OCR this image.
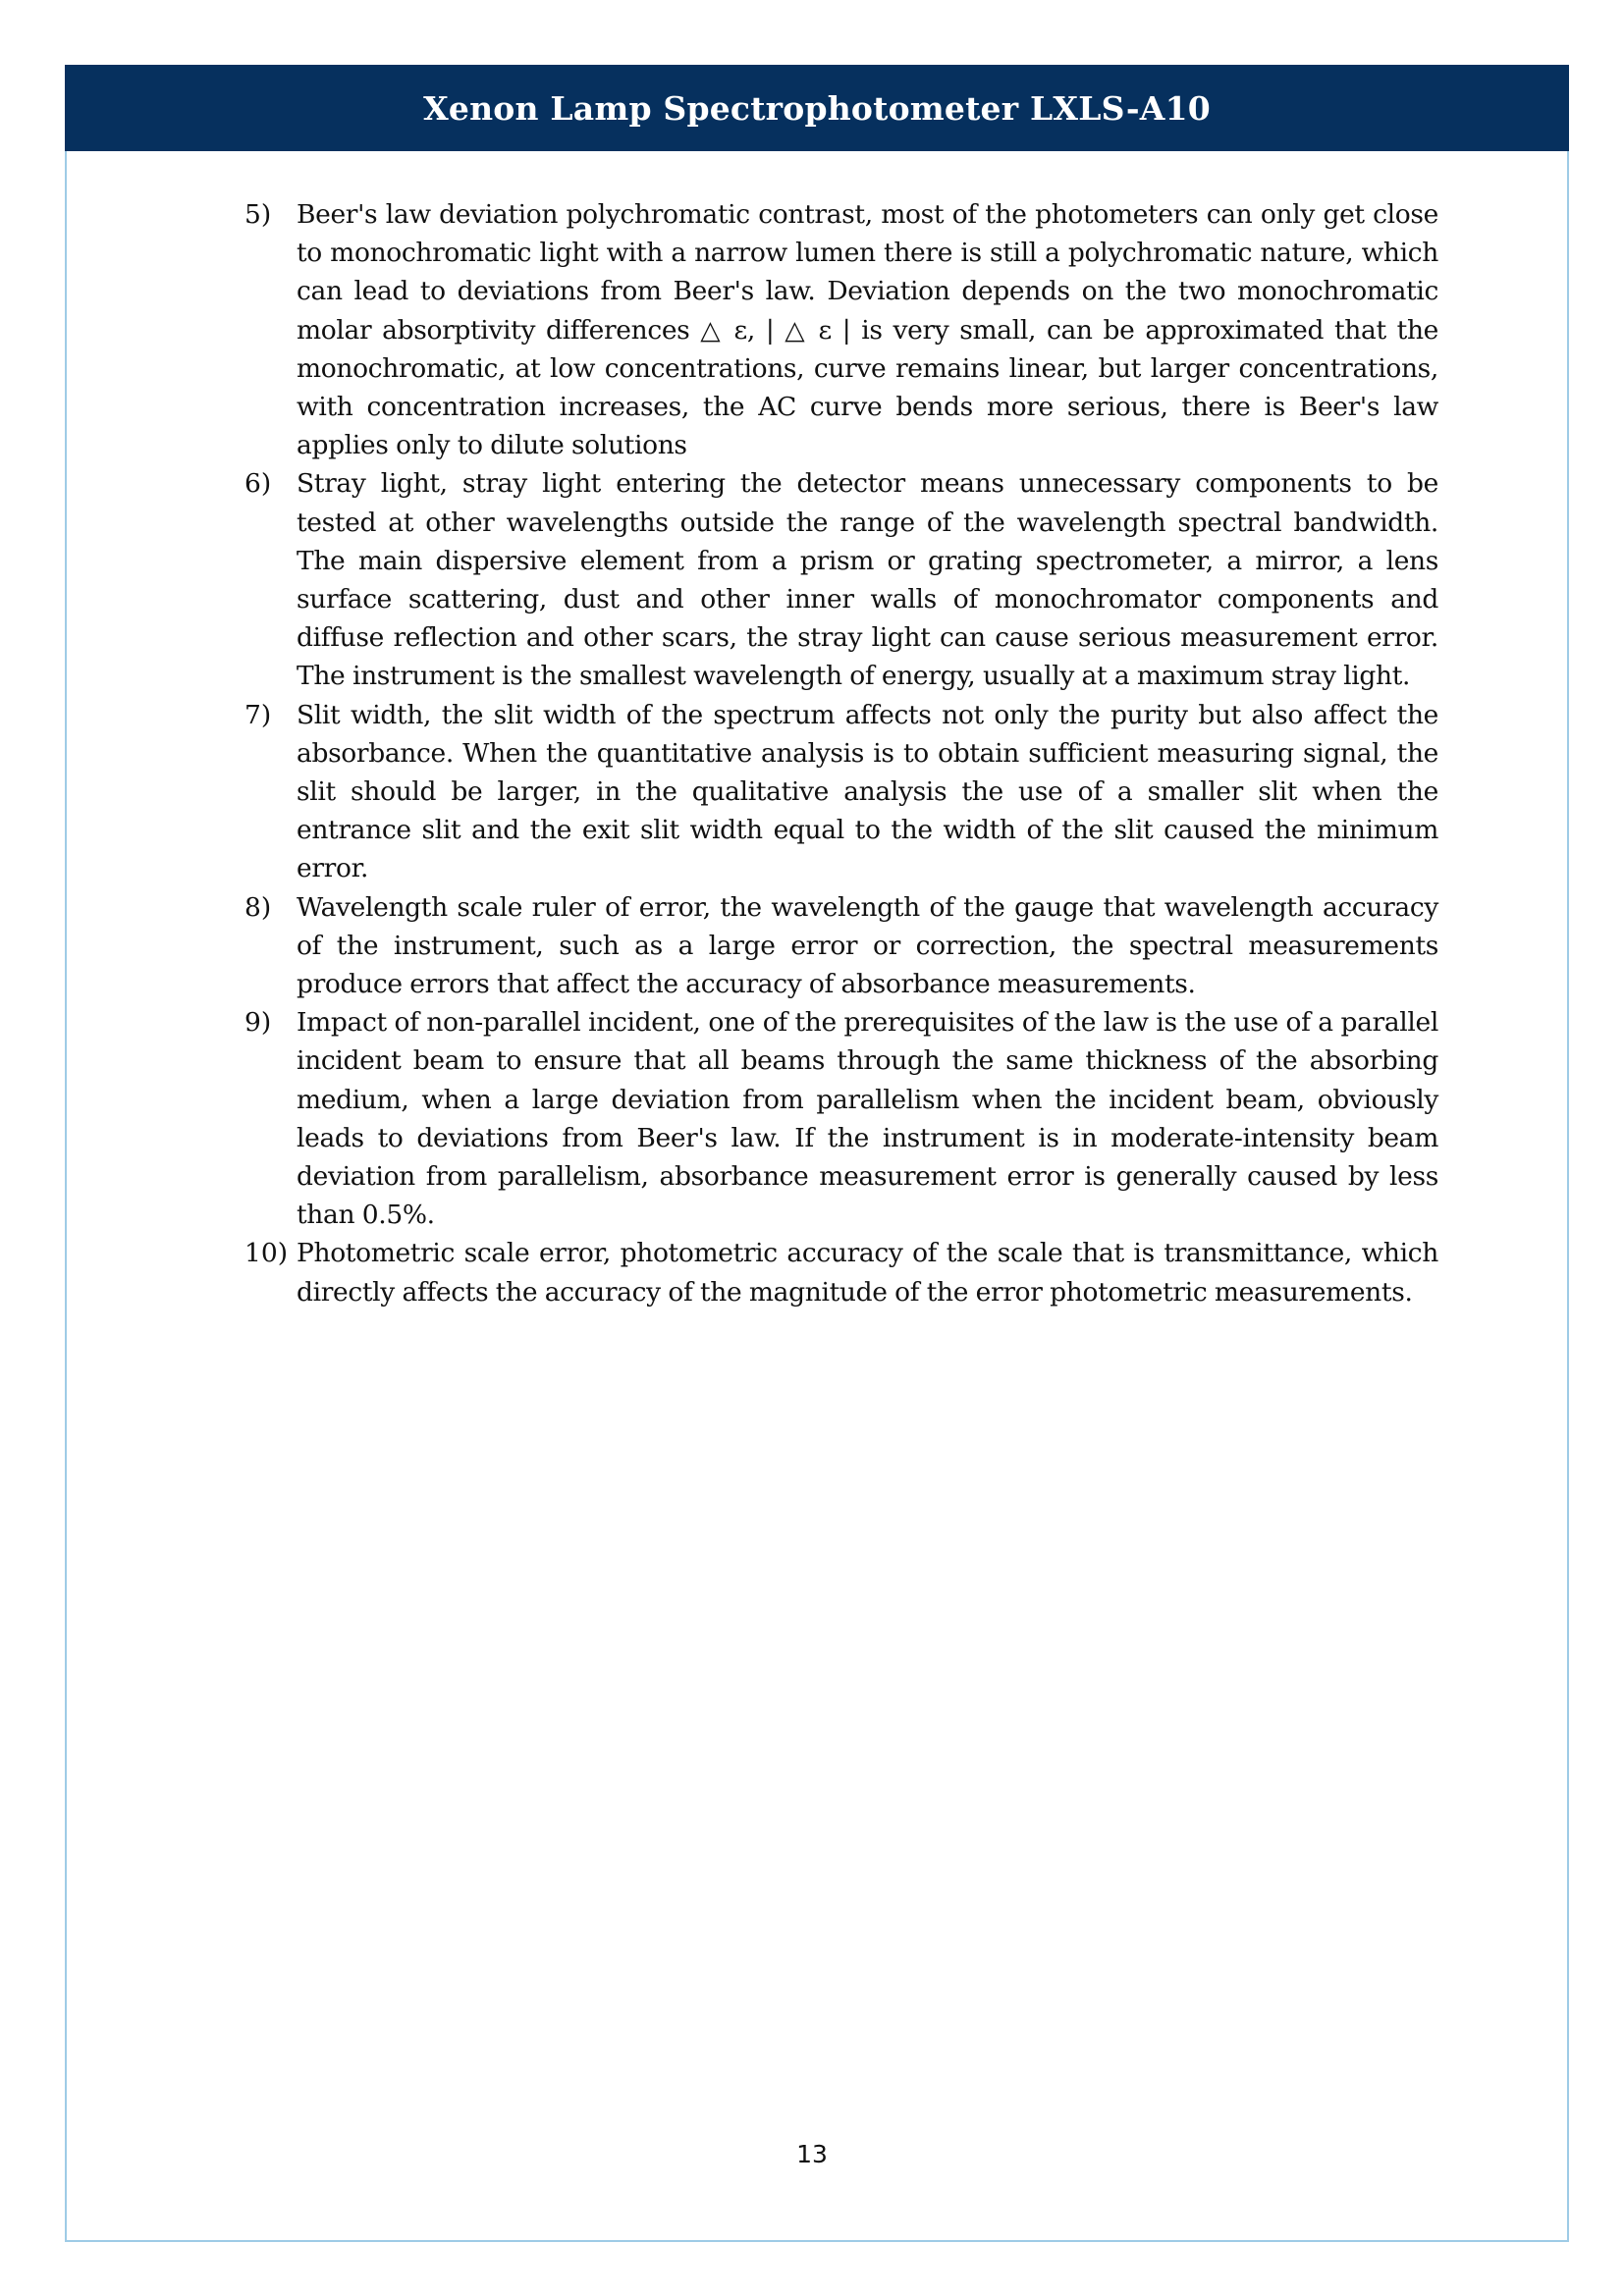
Xenon Lamp Spectrophotometer LXLS-A10
5) Beer's law deviation polychromatic contrast, most of the photometers can only get close to monochromatic light with a narrow lumen there is still a polychromatic nature, which can lead to deviations from Beer's law. Deviation depends on the two monochromatic molar absorptivity differences △ ε, | △ ε | is very small, can be approximated that the monochromatic, at low concentrations, curve remains linear, but larger concentrations, with concentration increases, the AC curve bends more serious, there is Beer's law applies only to dilute solutions
6) Stray light, stray light entering the detector means unnecessary components to be tested at other wavelengths outside the range of the wavelength spectral bandwidth. The main dispersive element from a prism or grating spectrometer, a mirror, a lens surface scattering, dust and other inner walls of monochromator components and diffuse reflection and other scars, the stray light can cause serious measurement error. The instrument is the smallest wavelength of energy, usually at a maximum stray light.
7) Slit width, the slit width of the spectrum affects not only the purity but also affect the absorbance. When the quantitative analysis is to obtain sufficient measuring signal, the slit should be larger, in the qualitative analysis the use of a smaller slit when the entrance slit and the exit slit width equal to the width of the slit caused the minimum error.
8) Wavelength scale ruler of error, the wavelength of the gauge that wavelength accuracy of the instrument, such as a large error or correction, the spectral measurements produce errors that affect the accuracy of absorbance measurements.
9) Impact of non-parallel incident, one of the prerequisites of the law is the use of a parallel incident beam to ensure that all beams through the same thickness of the absorbing medium, when a large deviation from parallelism when the incident beam, obviously leads to deviations from Beer's law. If the instrument is in moderate-intensity beam deviation from parallelism, absorbance measurement error is generally caused by less than 0.5%.
10) Photometric scale error, photometric accuracy of the scale that is transmittance, which directly affects the accuracy of the magnitude of the error photometric measurements.
13
